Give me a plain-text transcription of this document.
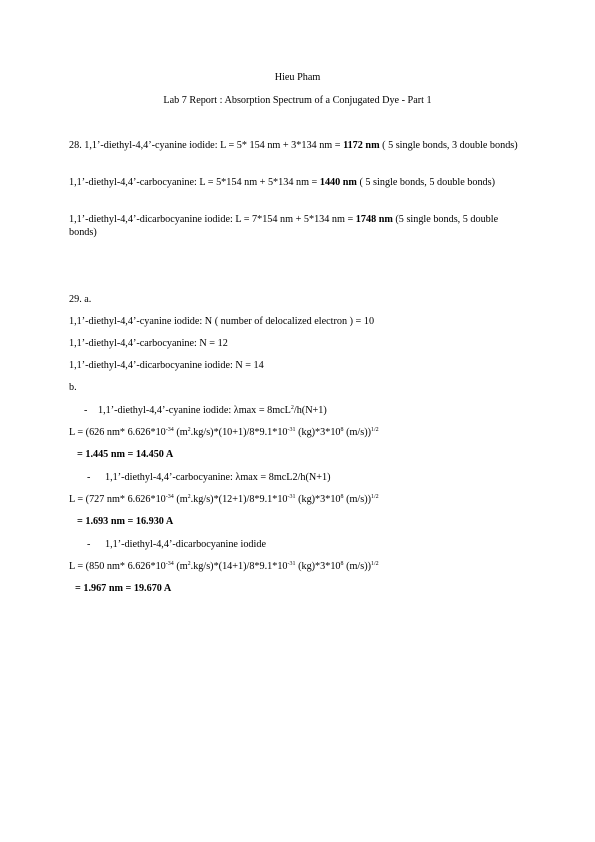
Hieu Pham
Lab 7 Report : Absorption Spectrum of a Conjugated Dye - Part 1
28. 1,1’-diethyl-4,4’-cyanine iodide: L = 5* 154 nm + 3*134 nm = 1172 nm ( 5 single bonds, 3 double bonds)
1,1’-diethyl-4,4’-carbocyanine: L = 5*154 nm + 5*134 nm = 1440 nm ( 5 single bonds, 5 double bonds)
1,1’-diethyl-4,4’-dicarbocyanine iodide: L = 7*154 nm + 5*134 nm = 1748 nm (5 single bonds, 5 double bonds)
29. a.
1,1’-diethyl-4,4’-cyanine iodide: N ( number of delocalized electron ) = 10
1,1’-diethyl-4,4’-carbocyanine: N = 12
1,1’-diethyl-4,4’-dicarbocyanine iodide: N = 14
b.
- 1,1’-diethyl-4,4’-cyanine iodide: λmax = 8mcL$^2$/h(N+1)
L = (626 nm* $6.626*10^{-34}$ $(m^2.kg/s)*(10+1)/8*9.1*10^{-31}$ $(kg)*3*10^8$ (m/s))$^{1/2}$
= 1.445 nm = 14.450 A
- 1,1’-diethyl-4,4’-carbocyanine: λmax = 8mcL2/h(N+1)
L = (727 nm* $6.626*10^{-34}$ $(m^2.kg/s)*(12+1)/8*9.1*10^{-31}$ $(kg)*3*10^8$ (m/s))$^{1/2}$
= 1.693 nm = 16.930 A
- 1,1’-diethyl-4,4’-dicarbocyanine iodide
L = (850 nm* $6.626*10^{-34}$ $(m^2.kg/s)*(14+1)/8*9.1*10^{-31}$ $(kg)*3*10^8$ (m/s))$^{1/2}$
= 1.967 nm = 19.670 A
